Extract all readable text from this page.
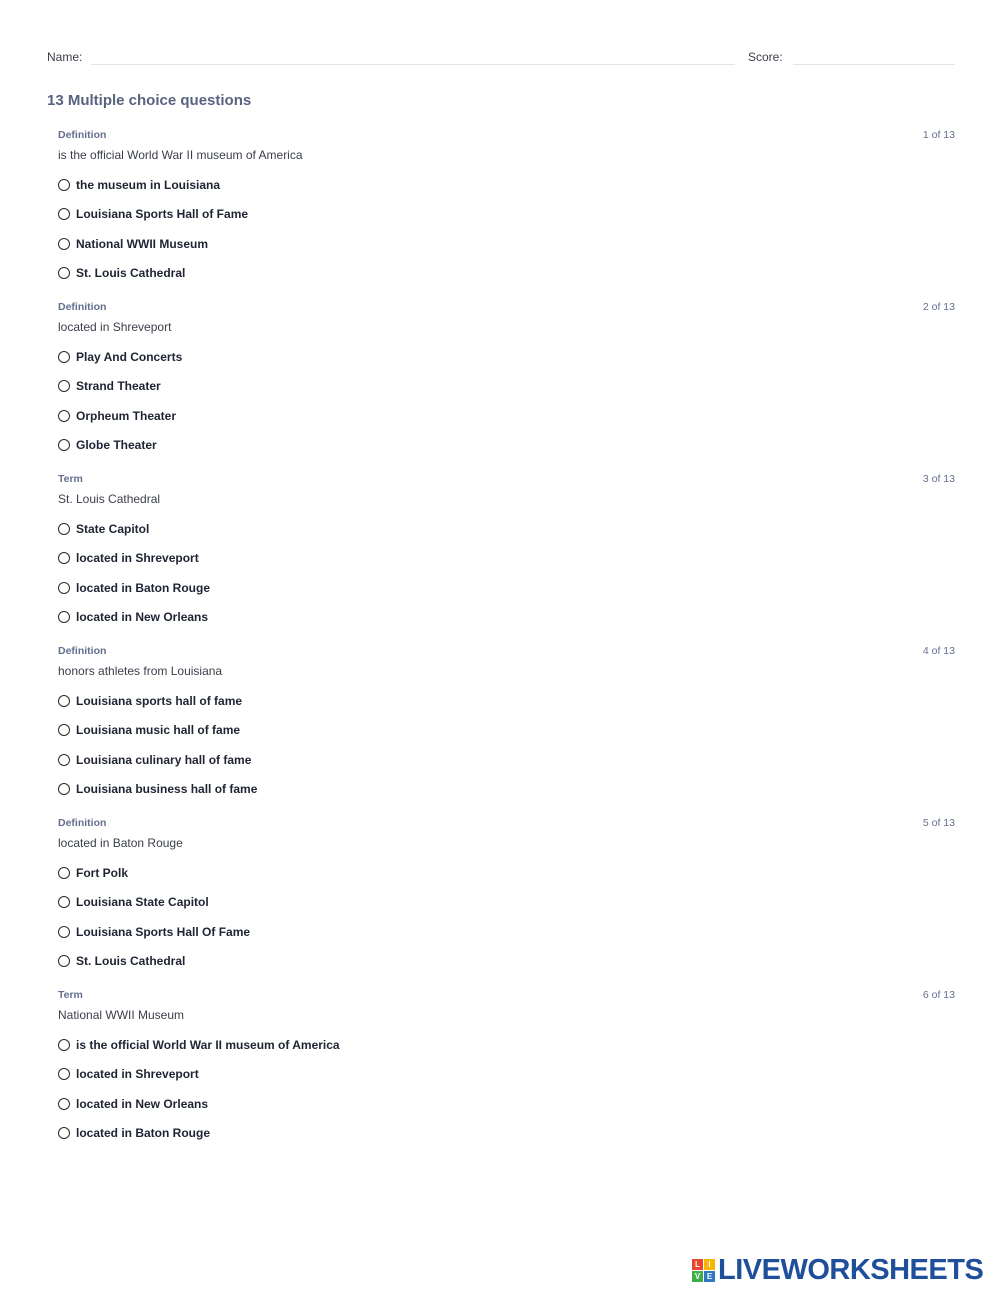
Name:	Score:
13 Multiple choice questions
Definition	1 of 13
is the official World War II museum of America
the museum in Louisiana
Louisiana Sports Hall of Fame
National WWII Museum
St. Louis Cathedral
Definition	2 of 13
located in Shreveport
Play And Concerts
Strand Theater
Orpheum Theater
Globe Theater
Term	3 of 13
St. Louis Cathedral
State Capitol
located in Shreveport
located in Baton Rouge
located in New Orleans
Definition	4 of 13
honors athletes from Louisiana
Louisiana sports hall of fame
Louisiana music hall of fame
Louisiana culinary hall of fame
Louisiana business hall of fame
Definition	5 of 13
located in Baton Rouge
Fort Polk
Louisiana State Capitol
Louisiana Sports Hall Of Fame
St. Louis Cathedral
Term	6 of 13
National WWII Museum
is the official World War II museum of America
located in Shreveport
located in New Orleans
located in Baton Rouge
L	I
V E LIVEWORKSHEETS
